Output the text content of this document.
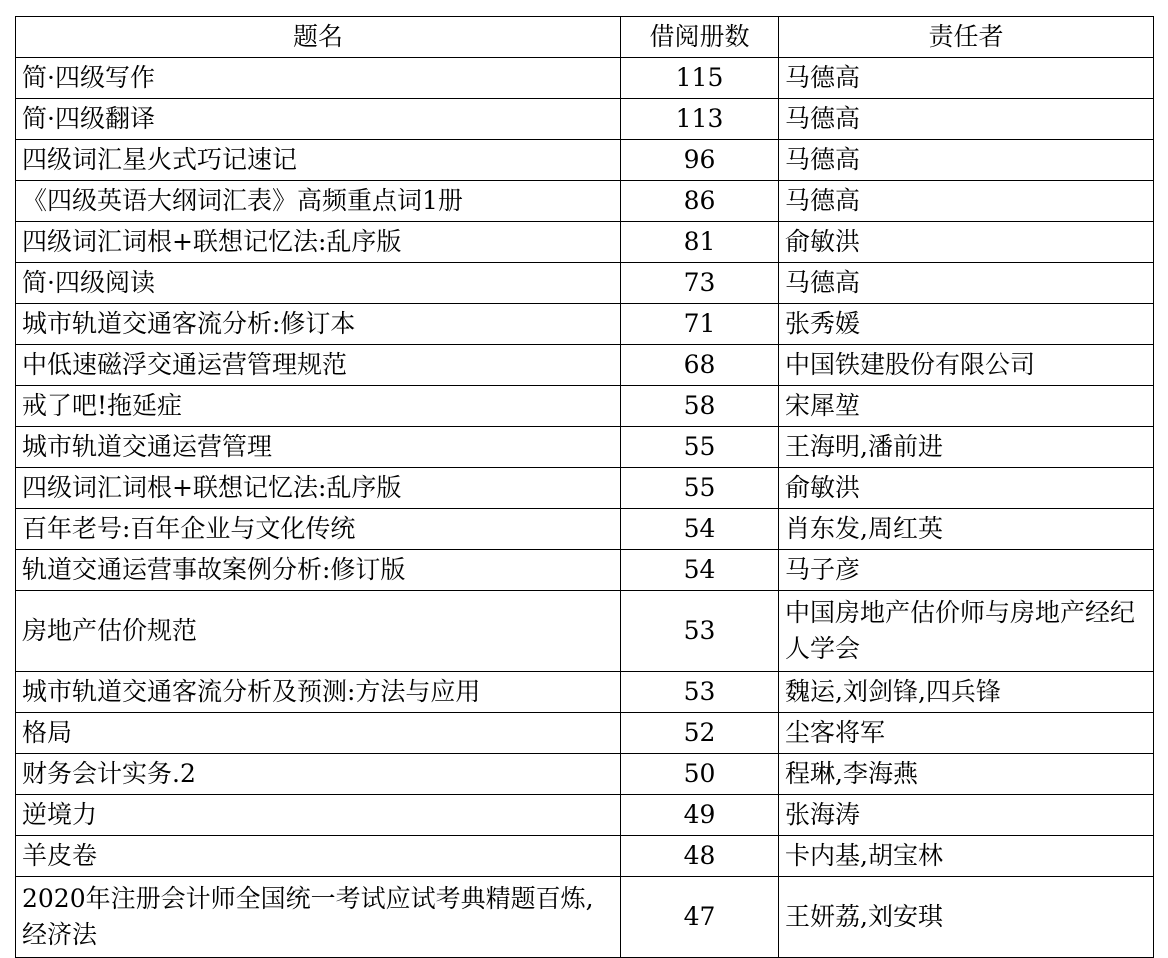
题名	借阅册数	责任者
简·四级写作	115	马德高
简·四级翻译	113	马德高
四级词汇星火式巧记速记	96	马德高
《四级英语大纲词汇表》高频重点词1册	86	马德高
四级词汇词根+联想记忆法:乱序版	81	俞敏洪
简·四级阅读	73	马德高
城市轨道交通客流分析:修订本	71	张秀媛
中低速磁浮交通运营管理规范	68	中国铁建股份有限公司
戒了吧!拖延症	58	宋犀堃
城市轨道交通运营管理	55	王海明,潘前进
四级词汇词根+联想记忆法:乱序版	55	俞敏洪
百年老号:百年企业与文化传统	54	肖东发,周红英
轨道交通运营事故案例分析:修订版	54	马子彦
房地产估价规范	53	中国房地产估价师与房地产经纪人学会
城市轨道交通客流分析及预测:方法与应用	53	魏运,刘剑锋,四兵锋
格局	52	尘客将军
财务会计实务.2	50	程琳,李海燕
逆境力	49	张海涛
羊皮卷	48	卡内基,胡宝林
2020年注册会计师全国统一考试应试考典精题百炼,经济法	47	王妍荔,刘安琪
